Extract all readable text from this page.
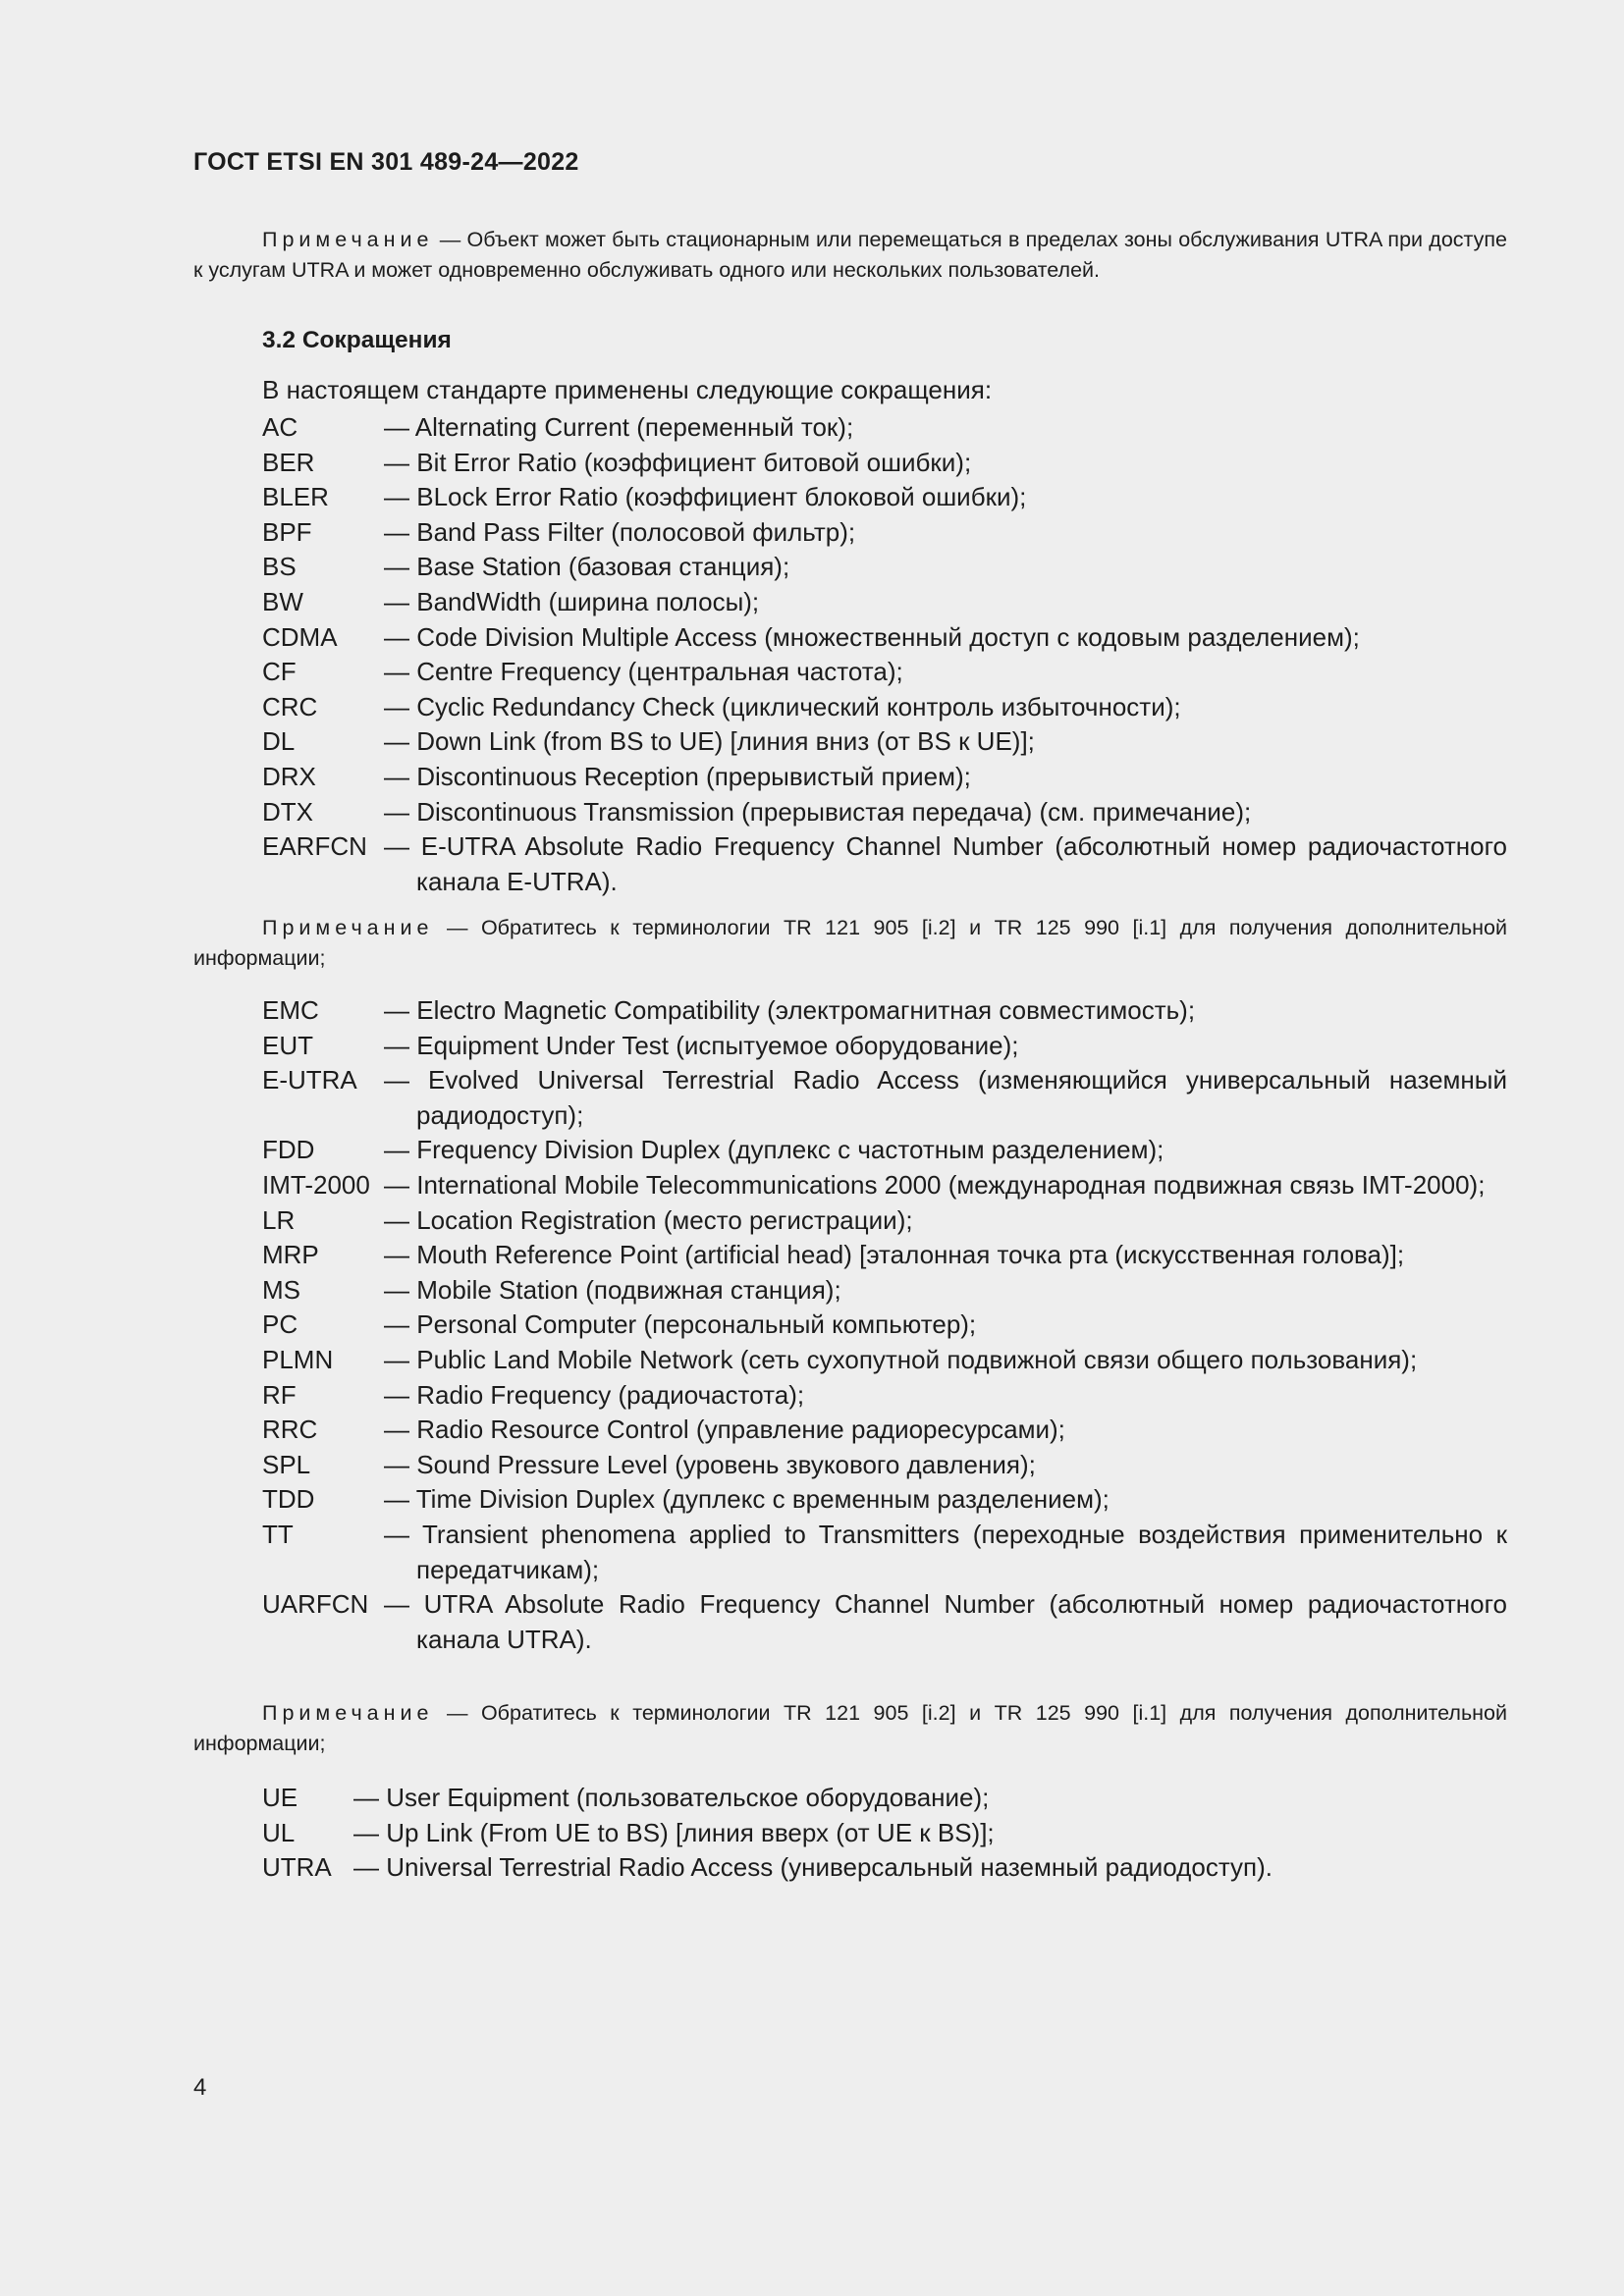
ГОСТ ETSI EN 301 489-24—2022

Примечание — Объект может быть стационарным или перемещаться в пределах зоны обслуживания UTRA при доступе к услугам UTRA и может одновременно обслуживать одного или нескольких пользователей.

3.2 Сокращения
В настоящем стандарте применены следующие сокращения:
AC	— Alternating Current (переменный ток);
BER	— Bit Error Ratio (коэффициент битовой ошибки);
BLER	— BLock Error Ratio (коэффициент блоковой ошибки);
BPF	— Band Pass Filter (полосовой фильтр);
BS	— Base Station (базовая станция);
BW	— BandWidth (ширина полосы);
CDMA	— Code Division Multiple Access (множественный доступ с кодовым разделением);
CF	— Centre Frequency (центральная частота);
CRC	— Cyclic Redundancy Check (циклический контроль избыточности);
DL	— Down Link (from BS to UE) [линия вниз (от BS к UE)];
DRX	— Discontinuous Reception (прерывистый прием);
DTX	— Discontinuous Transmission (прерывистая передача) (см. примечание);
EARFCN — E-UTRA Absolute Radio Frequency Channel Number (абсолютный номер радиочастотного канала E-UTRA).

Примечание — Обратитесь к терминологии TR 121 905 [i.2] и TR 125 990 [i.1] для получения дополнительной информации;

EMC	— Electro Magnetic Compatibility (электромагнитная совместимость);
EUT	— Equipment Under Test (испытуемое оборудование);
E-UTRA	— Evolved Universal Terrestrial Radio Access (изменяющийся универсальный наземный радиодоступ);
FDD	— Frequency Division Duplex (дуплекс с частотным разделением);
IMT-2000 — International Mobile Telecommunications 2000 (международная подвижная связь IMT-2000);
LR	— Location Registration (место регистрации);
MRP	— Mouth Reference Point (artificial head) [эталонная точка рта (искусственная голова)];
MS	— Mobile Station (подвижная станция);
PC	— Personal Computer (персональный компьютер);
PLMN	— Public Land Mobile Network (сеть сухопутной подвижной связи общего пользования);
RF	— Radio Frequency (радиочастота);
RRC	— Radio Resource Control (управление радиоресурсами);
SPL	— Sound Pressure Level (уровень звукового давления);
TDD	— Time Division Duplex (дуплекс с временным разделением);
TT	— Transient phenomena applied to Transmitters (переходные воздействия применительно к передатчикам);
UARFCN — UTRA Absolute Radio Frequency Channel Number (абсолютный номер радиочастотного канала UTRA).

Примечание — Обратитесь к терминологии TR 121 905 [i.2] и TR 125 990 [i.1] для получения дополнительной информации;

UE	— User Equipment (пользовательское оборудование);
UL	— Up Link (From UE to BS) [линия вверх (от UE к BS)];
UTRA — Universal Terrestrial Radio Access (универсальный наземный радиодоступ).
4
